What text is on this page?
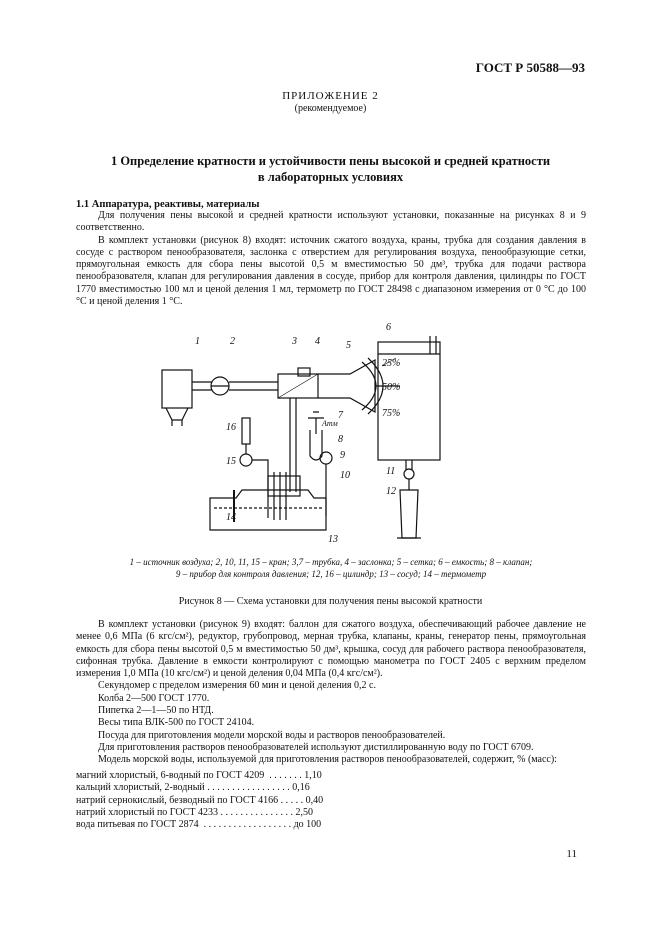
ГОСТ Р 50588—93
ПРИЛОЖЕНИЕ 2
(рекомендуемое)
1 Определение кратности и устойчивости пены высокой и средней кратности
в лабораторных условиях
1.1 Аппаратура, реактивы, материалы

Для получения пены высокой и средней кратности используют установки, показанные на рисунках 8 и 9 соответственно.

В комплект установки (рисунок 8) входят: источник сжатого воздуха, краны, трубка для создания давления в сосуде с раствором пенообразователя, заслонка с отверстием для регулирования воздуха, пенообразующие сетки, прямоугольная емкость для сбора пены высотой 0,5 м вместимостью 50 дм³, трубка для подачи раствора пенообразователя, клапан для регулирования давления в сосуде, прибор для контроля давления, цилиндры по ГОСТ 1770 вместимостью 100 мл и ценой деления 1 мл, термометр по ГОСТ 28498 с диапазоном измерения от 0 °С до 100 °С и ценой деления 1 °С.

1	2	3 4	5
6
7
8
9
10	11
12
13
14
15
16
25%
50%
75%
Атм
1 – источник воздуха; 2, 10, 11, 15 – кран; 3,7 – трубка, 4 – заслонка; 5 – сетка; 6 – емкость; 8 – клапан;
9 – прибор для контроля давления; 12, 16 – цилиндр; 13 – сосуд; 14 – термометр
Рисунок 8 — Схема установки для получения пены высокой кратности

В комплект установки (рисунок 9) входят: баллон для сжатого воздуха, обеспечивающий рабочее давление не менее 0,6 МПа (6 кгс/см²), редуктор, грубопровод, мерная трубка, клапаны, краны, генератор пены, прямоугольная емкость для сбора пены высотой 0,5 м вместимостью 50 дм³, крышка, сосуд для рабочего раствора пенообразователя, сифонная трубка. Давление в емкости контролируют с помощью манометра по ГОСТ 2405 с верхним пределом измерения 1,0 МПа (10 кгс/см²) и ценой деления 0,04 МПа (0,4 кгс/см²).

Секундомер с пределом измерения 60 мин и ценой деления 0,2 с.

Колба 2—500 ГОСТ 1770.

Пипетка 2—1—50 по НТД.

Весы типа ВЛК-500 по ГОСТ 24104.

Посуда для приготовления модели морской воды и растворов пенообразователей.

Для приготовления растворов пенообразователей используют дистиллированную воду по ГОСТ 6709.

Модель морской воды, используемой для приготовления растворов пенообразователей, содержит, % (масс):

магний хлористый, 6-водный по ГОСТ 4209  . . . . . . . 1,10
кальций хлористый, 2-водный . . . . . . . . . . . . . . . . . 0,16
натрий сернокислый, безводный по ГОСТ 4166 . . . . . 0,40
натрий хлористый по ГОСТ 4233 . . . . . . . . . . . . . . . 2,50
вода питьевая по ГОСТ 2874  . . . . . . . . . . . . . . . . . . до 100
11
